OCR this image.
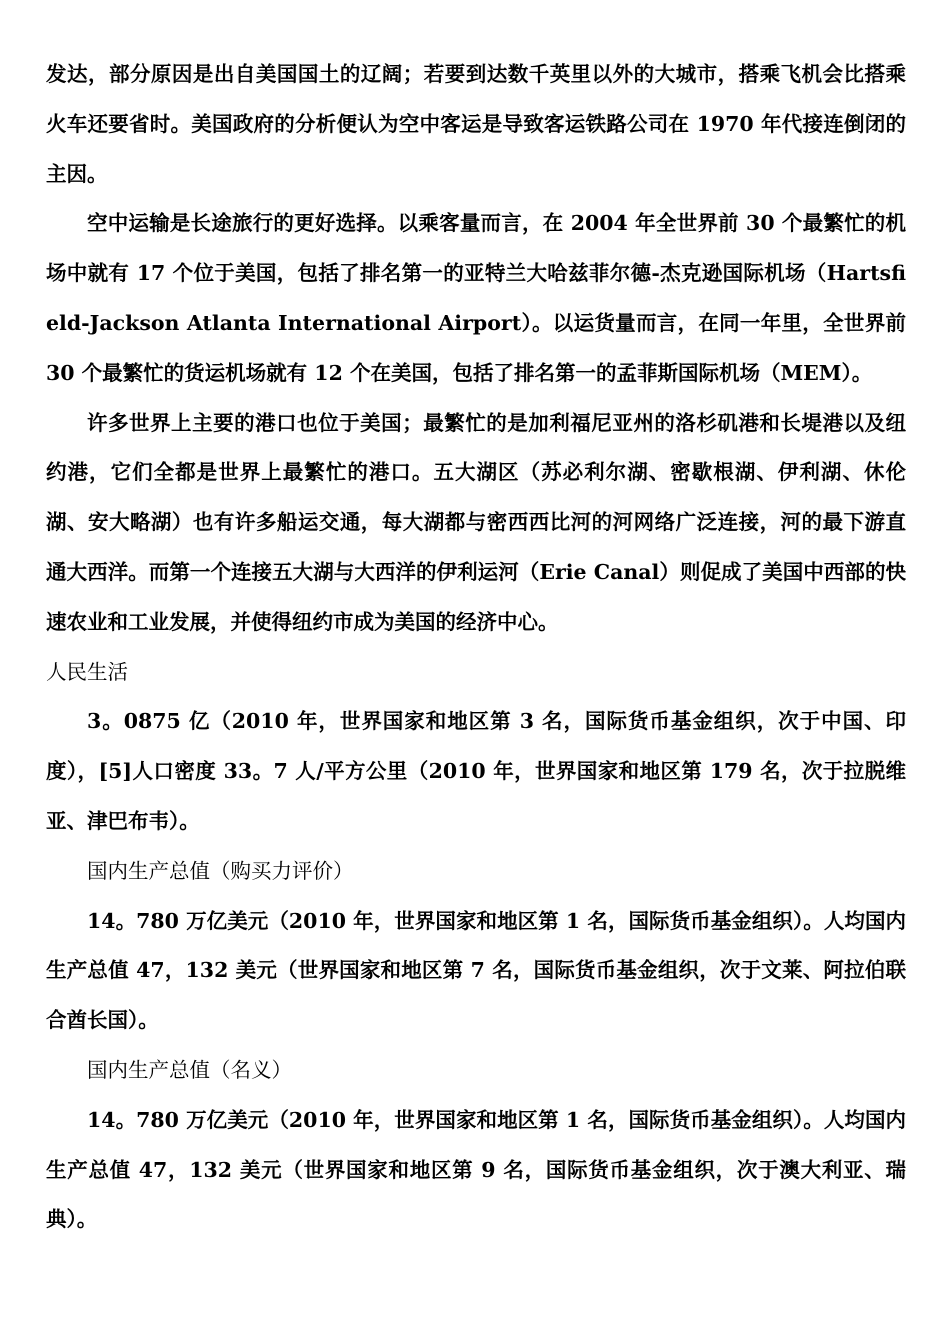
发达，部分原因是出自美国国土的辽阔；若要到达数千英里以外的大城市，搭乘飞机会比搭乘火车还要省时。美国政府的分析便认为空中客运是导致客运铁路公司在 1970 年代接连倒闭的主因。

空中运输是长途旅行的更好选择。以乘客量而言，在 2004 年全世界前 30 个最繁忙的机场中就有 17 个位于美国，包括了排名第一的亚特兰大哈兹菲尔德-杰克逊国际机场（Hartsfield-Jackson Atlanta International Airport）。以运货量而言，在同一年里，全世界前 30 个最繁忙的货运机场就有 12 个在美国，包括了排名第一的孟菲斯国际机场（MEM）。

许多世界上主要的港口也位于美国；最繁忙的是加利福尼亚州的洛杉矶港和长堤港以及纽约港，它们全都是世界上最繁忙的港口。五大湖区（苏必利尔湖、密歇根湖、伊利湖、休伦湖、安大略湖）也有许多船运交通，每大湖都与密西西比河的河网络广泛连接，河的最下游直通大西洋。而第一个连接五大湖与大西洋的伊利运河（Erie Canal）则促成了美国中西部的快速农业和工业发展，并使得纽约市成为美国的经济中心。

人民生活

3。0875 亿（2010 年，世界国家和地区第 3 名，国际货币基金组织，次于中国、印度），[5]人口密度 33。7 人/平方公里（2010 年，世界国家和地区第 179 名，次于拉脱维亚、津巴布韦）。

国内生产总值（购买力评价）

14。780 万亿美元（2010 年，世界国家和地区第 1 名，国际货币基金组织）。人均国内生产总值 47，132 美元（世界国家和地区第 7 名，国际货币基金组织，次于文莱、阿拉伯联合酋长国）。

国内生产总值（名义）

14。780 万亿美元（2010 年，世界国家和地区第 1 名，国际货币基金组织）。人均国内生产总值 47，132 美元（世界国家和地区第 9 名，国际货币基金组织，次于澳大利亚、瑞典）。
